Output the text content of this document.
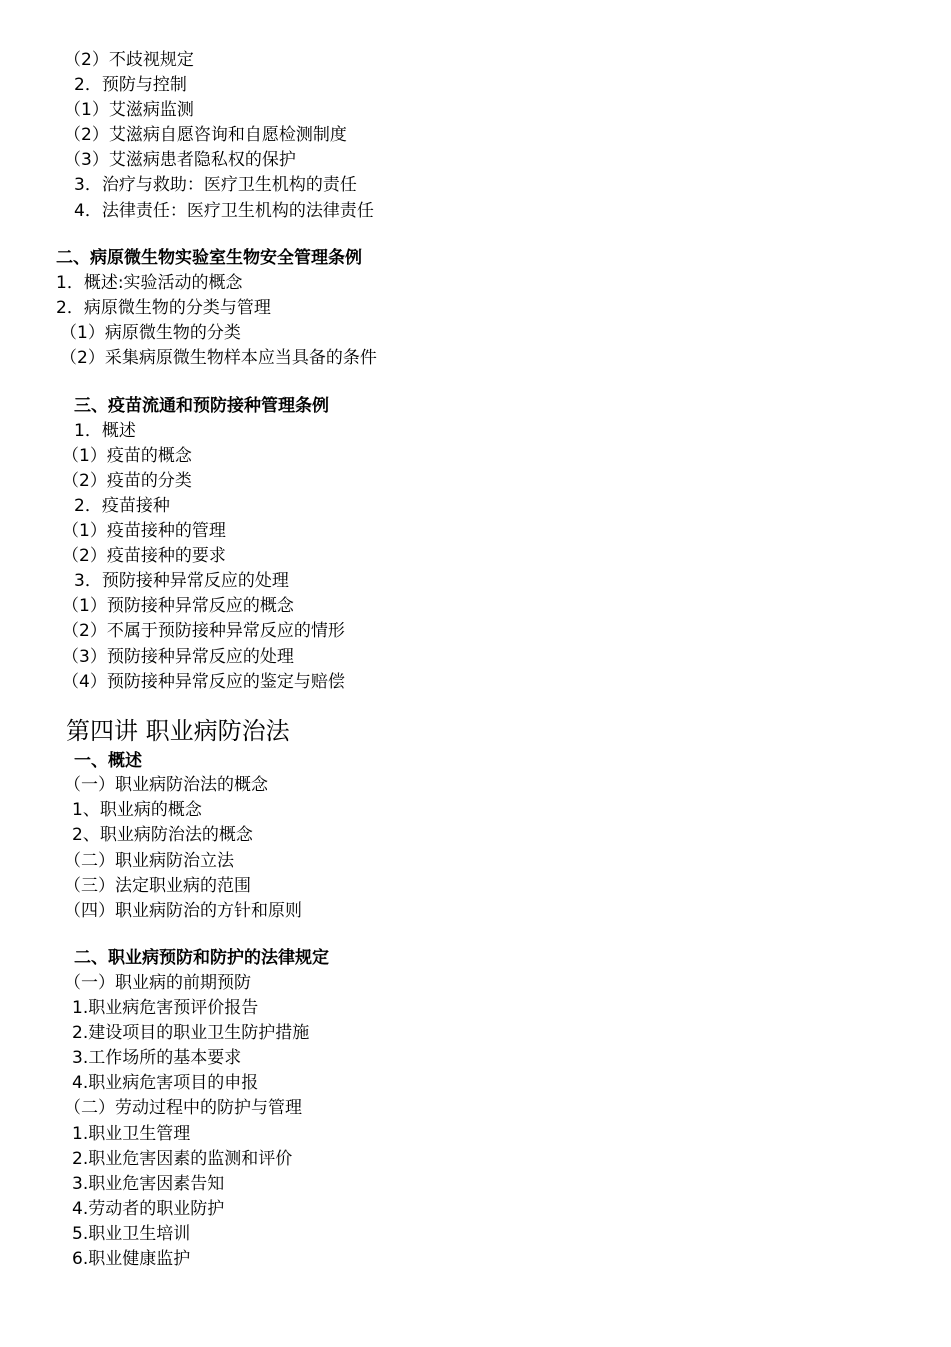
（2）不歧视规定
2．预防与控制
（1）艾滋病监测
（2）艾滋病自愿咨询和自愿检测制度
（3）艾滋病患者隐私权的保护
3．治疗与救助：医疗卫生机构的责任
4．法律责任：医疗卫生机构的法律责任
二、病原微生物实验室生物安全管理条例
1．概述:实验活动的概念
2．病原微生物的分类与管理
（1）病原微生物的分类
（2）采集病原微生物样本应当具备的条件
三、疫苗流通和预防接种管理条例
1．概述
（1）疫苗的概念
（2）疫苗的分类
2．疫苗接种
（1）疫苗接种的管理
（2）疫苗接种的要求
3．预防接种异常反应的处理
（1）预防接种异常反应的概念
（2）不属于预防接种异常反应的情形
（3）预防接种异常反应的处理
（4）预防接种异常反应的鉴定与赔偿
第四讲 职业病防治法
一、概述
（一）职业病防治法的概念
1、职业病的概念
2、职业病防治法的概念
（二）职业病防治立法
（三）法定职业病的范围
（四）职业病防治的方针和原则
二、职业病预防和防护的法律规定
（一）职业病的前期预防
1.职业病危害预评价报告
2.建设项目的职业卫生防护措施
3.工作场所的基本要求
4.职业病危害项目的申报
（二）劳动过程中的防护与管理
1.职业卫生管理
2.职业危害因素的监测和评价
3.职业危害因素告知
4.劳动者的职业防护
5.职业卫生培训
6.职业健康监护
